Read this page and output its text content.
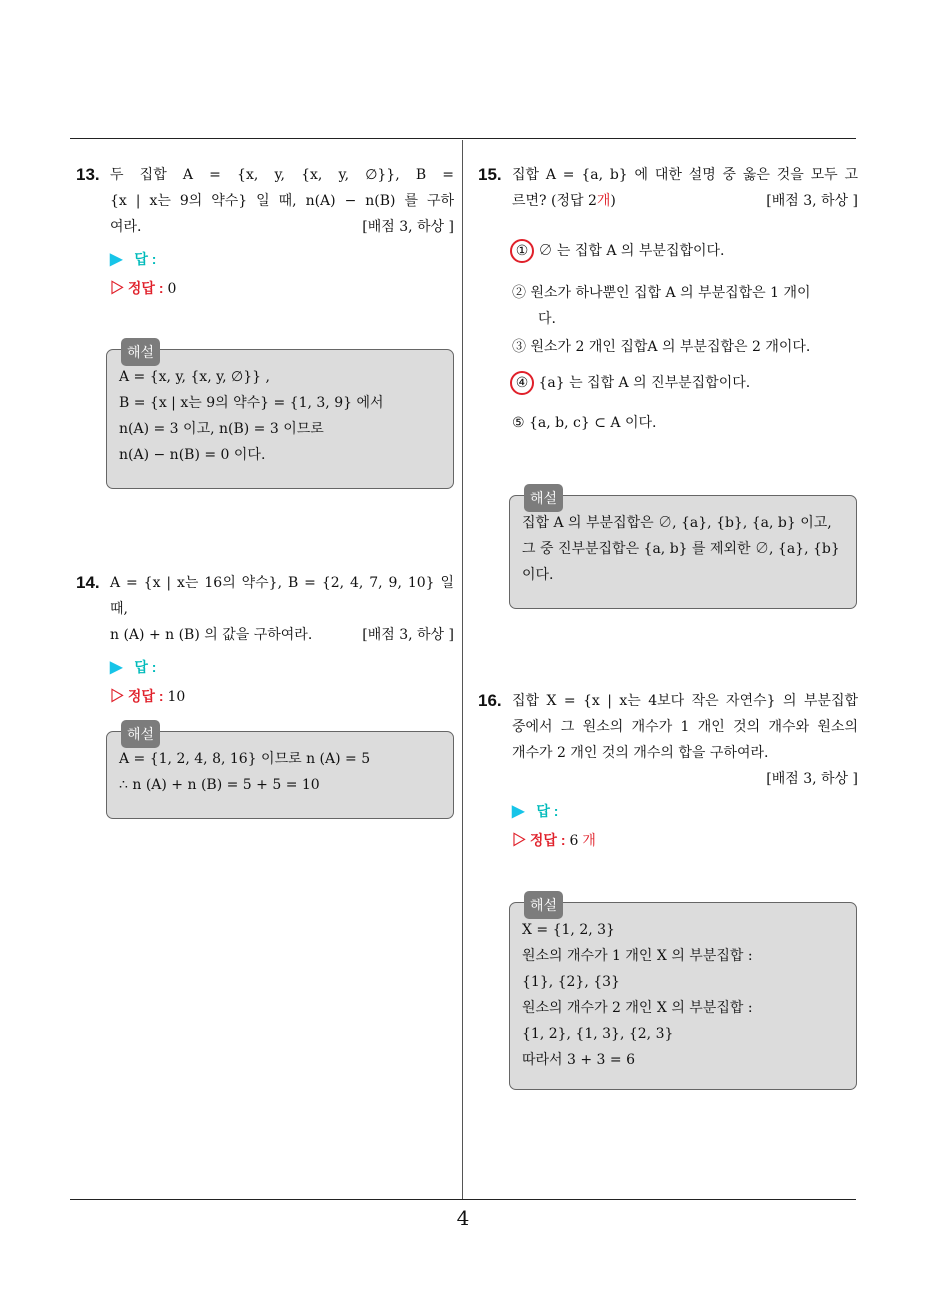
13. 두 집합 A = {x, y, {x, y, ∅}}, B =
{x | x는 9의 약수} 일 때, n(A) − n(B) 를 구하
여라.	[배점 3, 하상 ]
▶ 답 :
▷ 정답 : 0
해설
A = {x, y, {x, y, ∅}} ,
B = {x | x는 9의 약수} = {1, 3, 9} 에서
n(A) = 3 이고, n(B) = 3 이므로
n(A) − n(B) = 0 이다.
14. A = {x | x는 16의 약수}, B = {2, 4, 7, 9, 10} 일 때,
n (A) + n (B) 의 값을 구하여라.	[배점 3, 하상 ]
▶ 답 :
▷ 정답 : 10
해설
A = {1, 2, 4, 8, 16} 이므로 n (A) = 5
∴ n (A) + n (B) = 5 + 5 = 10
15. 집합 A = {a, b} 에 대한 설명 중 옳은 것을 모두 고
르면? (정답 2개)	[배점 3, 하상 ]
① ∅ 는 집합 A 의 부분집합이다.
② 원소가 하나뿐인 집합 A 의 부분집합은 1 개이
다.
③ 원소가 2 개인 집합A 의 부분집합은 2 개이다.
④ {a} 는 집합 A 의 진부분집합이다.
⑤ {a, b, c} ⊂ A 이다.
해설
집합 A 의 부분집합은 ∅, {a}, {b}, {a, b} 이고,
그 중 진부분집합은 {a, b} 를 제외한 ∅, {a}, {b}
이다.
16. 집합 X = {x | x는 4보다 작은 자연수} 의 부분집합
중에서 그 원소의 개수가 1 개인 것의 개수와 원소의
개수가 2 개인 것의 개수의 합을 구하여라.
[배점 3, 하상 ]
▶ 답 :
▷ 정답 : 6 개
해설
X = {1, 2, 3}
원소의 개수가 1 개인 X 의 부분집합 :
{1}, {2}, {3}
원소의 개수가 2 개인 X 의 부분집합 :
{1, 2}, {1, 3}, {2, 3}
따라서 3 + 3 = 6
4
